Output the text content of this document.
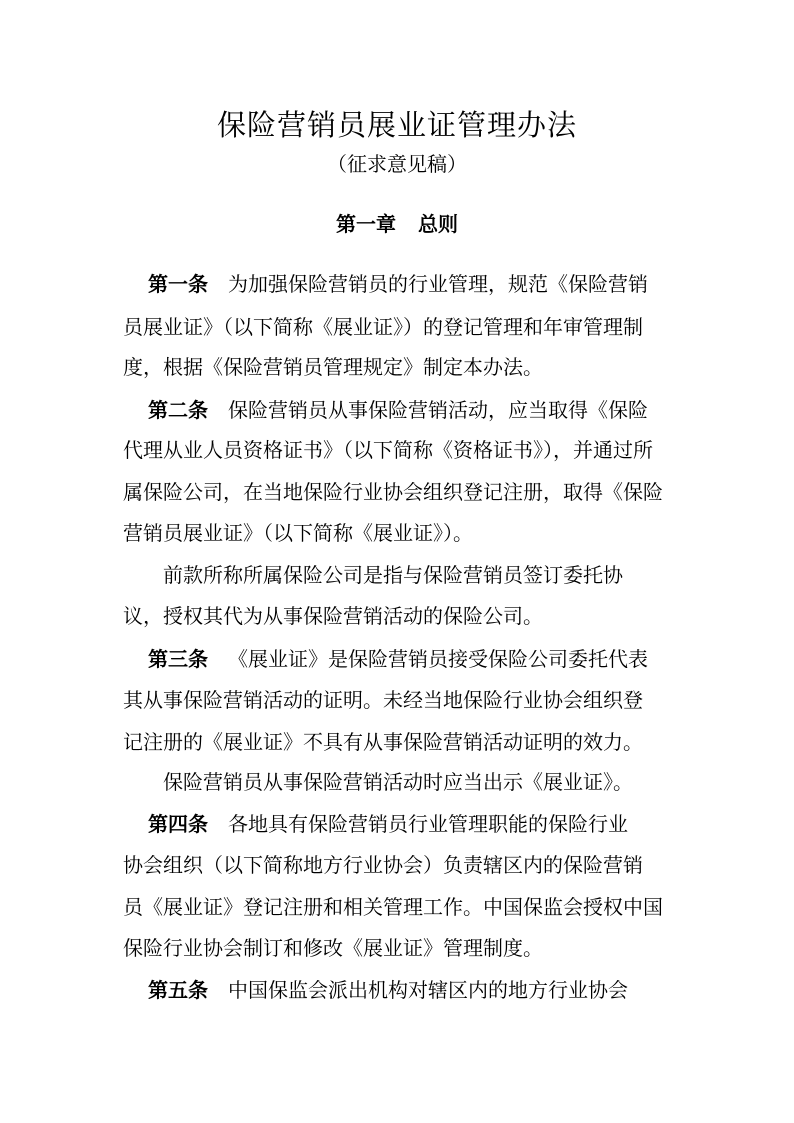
保险营销员展业证管理办法
（征求意见稿）
第一章 总则
第一条 为加强保险营销员的行业管理，规范《保险营销
员展业证》（以下简称《展业证》）的登记管理和年审管理制
度，根据《保险营销员管理规定》制定本办法。
第二条 保险营销员从事保险营销活动，应当取得《保险
代理从业人员资格证书》（以下简称《资格证书》），并通过所
属保险公司，在当地保险行业协会组织登记注册，取得《保险
营销员展业证》（以下简称《展业证》）。
前款所称所属保险公司是指与保险营销员签订委托协
议，授权其代为从事保险营销活动的保险公司。
第三条 《展业证》是保险营销员接受保险公司委托代表
其从事保险营销活动的证明。未经当地保险行业协会组织登
记注册的《展业证》不具有从事保险营销活动证明的效力。
保险营销员从事保险营销活动时应当出示《展业证》。
第四条 各地具有保险营销员行业管理职能的保险行业
协会组织（以下简称地方行业协会）负责辖区内的保险营销
员《展业证》登记注册和相关管理工作。中国保监会授权中国
保险行业协会制订和修改《展业证》管理制度。
第五条 中国保监会派出机构对辖区内的地方行业协会
